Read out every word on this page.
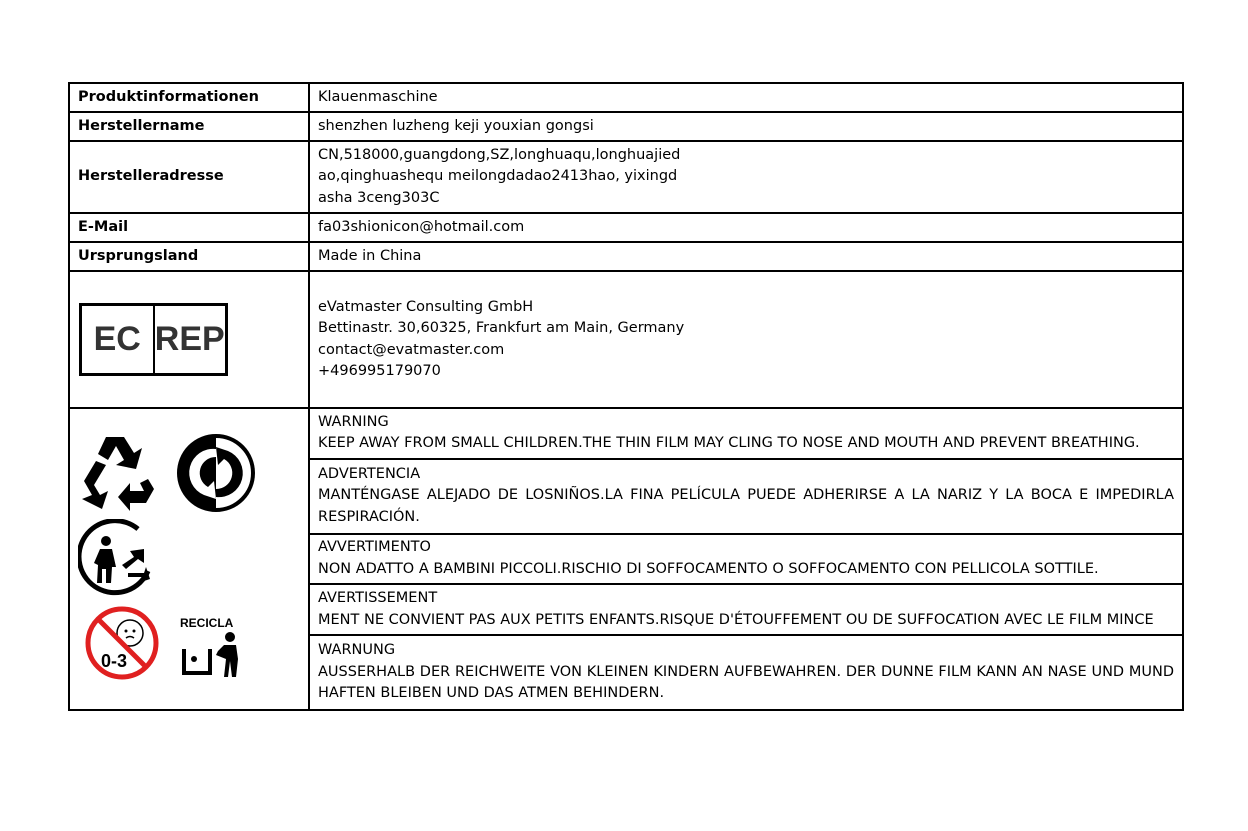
Produktinformationen	Klauenmaschine
Herstellername	shenzhen luzheng keji youxian gongsi
Herstelleradresse	CN,518000,guangdong,SZ,longhuaqu,longhuajied
ao,qinghuashequ meilongdadao2413hao, yixingd
asha 3ceng303C

E-Mail	fa03shionicon@hotmail.com
Ursprungsland	Made in China

EC REP	eVatmaster Consulting GmbH
Bettinastr. 30,60325, Frankfurt am Main, Germany
contact@evatmaster.com
+496995179070

0-3
RECICLA	WARNING
KEEP AWAY FROM SMALL CHILDREN.THE THIN FILM MAY CLING TO NOSE AND MOUTH AND PREVENT BREATHING.

	ADVERTENCIA
MANTÉNGASE ALEJADO DE LOSNIÑOS.LA FINA PELÍCULA PUEDE ADHERIRSE A LA NARIZ Y LA BOCA E IMPEDIRLA RESPIRACIÓN.

	AVVERTIMENTO
NON ADATTO A BAMBINI PICCOLI.RISCHIO DI SOFFOCAMENTO O SOFFOCAMENTO CON PELLICOLA SOTTILE.

	AVERTISSEMENT
MENT NE CONVIENT PAS AUX PETITS ENFANTS.RISQUE D'ÉTOUFFEMENT OU DE SUFFOCATION AVEC LE FILM MINCE

	WARNUNG
AUSSERHALB DER REICHWEITE VON KLEINEN KINDERN AUFBEWAHREN. DER DUNNE FILM KANN AN NASE UND MUND HAFTEN BLEIBEN UND DAS ATMEN BEHINDERN.
